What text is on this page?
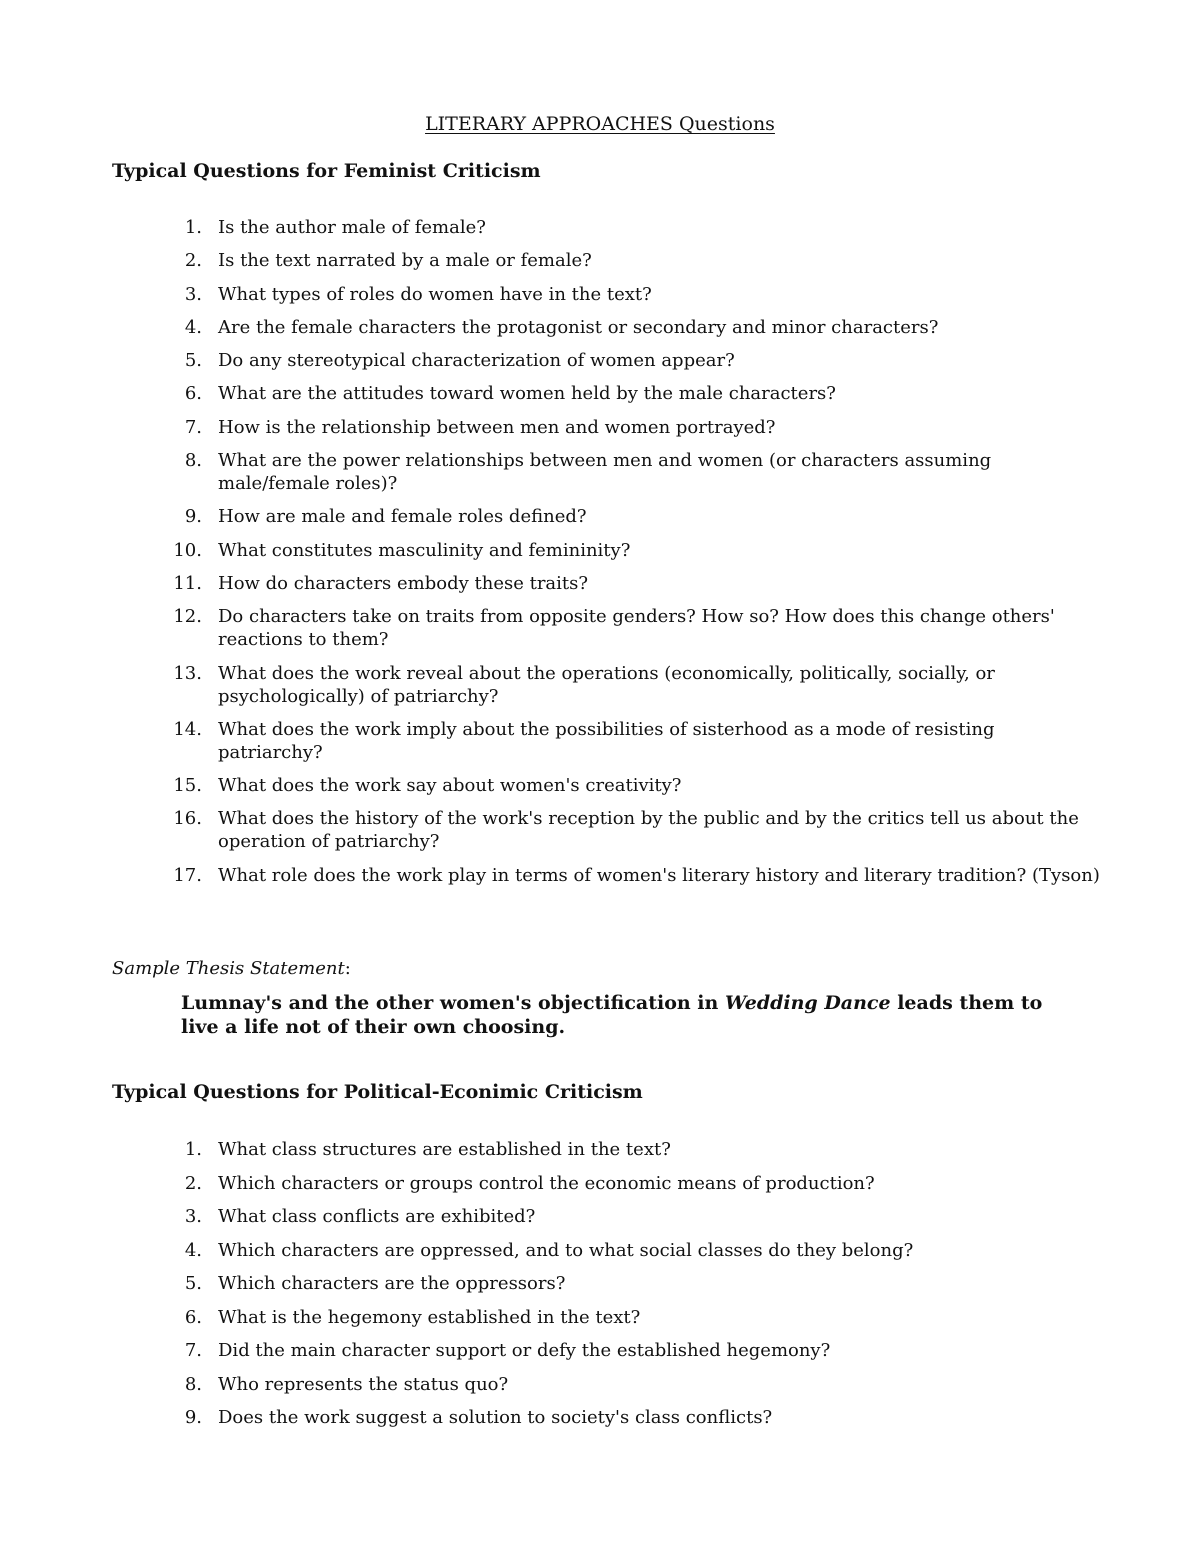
LITERARY APPROACHES Questions
Typical Questions for Feminist Criticism
1. Is the author male of female?
2. Is the text narrated by a male or female?
3. What types of roles do women have in the text?
4. Are the female characters the protagonist or secondary and minor characters?
5. Do any stereotypical characterization of women appear?
6. What are the attitudes toward women held by the male characters?
7. How is the relationship between men and women portrayed?
8. What are the power relationships between men and women (or characters assuming male/female roles)?
9. How are male and female roles defined?
10. What constitutes masculinity and femininity?
11. How do characters embody these traits?
12. Do characters take on traits from opposite genders? How so? How does this change others' reactions to them?
13. What does the work reveal about the operations (economically, politically, socially, or psychologically) of patriarchy?
14. What does the work imply about the possibilities of sisterhood as a mode of resisting patriarchy?
15. What does the work say about women's creativity?
16. What does the history of the work's reception by the public and by the critics tell us about the operation of patriarchy?
17. What role does the work play in terms of women's literary history and literary tradition? (Tyson)

Sample Thesis Statement:

Lumnay's and the other women's objectification in Wedding Dance leads them to live a life not of their own choosing.

Typical Questions for Political-Econimic Criticism
1. What class structures are established in the text?
2. Which characters or groups control the economic means of production?
3. What class conflicts are exhibited?
4. Which characters are oppressed, and to what social classes do they belong?
5. Which characters are the oppressors?
6. What is the hegemony established in the text?
7. Did the main character support or defy the established hegemony?
8. Who represents the status quo?
9. Does the work suggest a solution to society's class conflicts?
